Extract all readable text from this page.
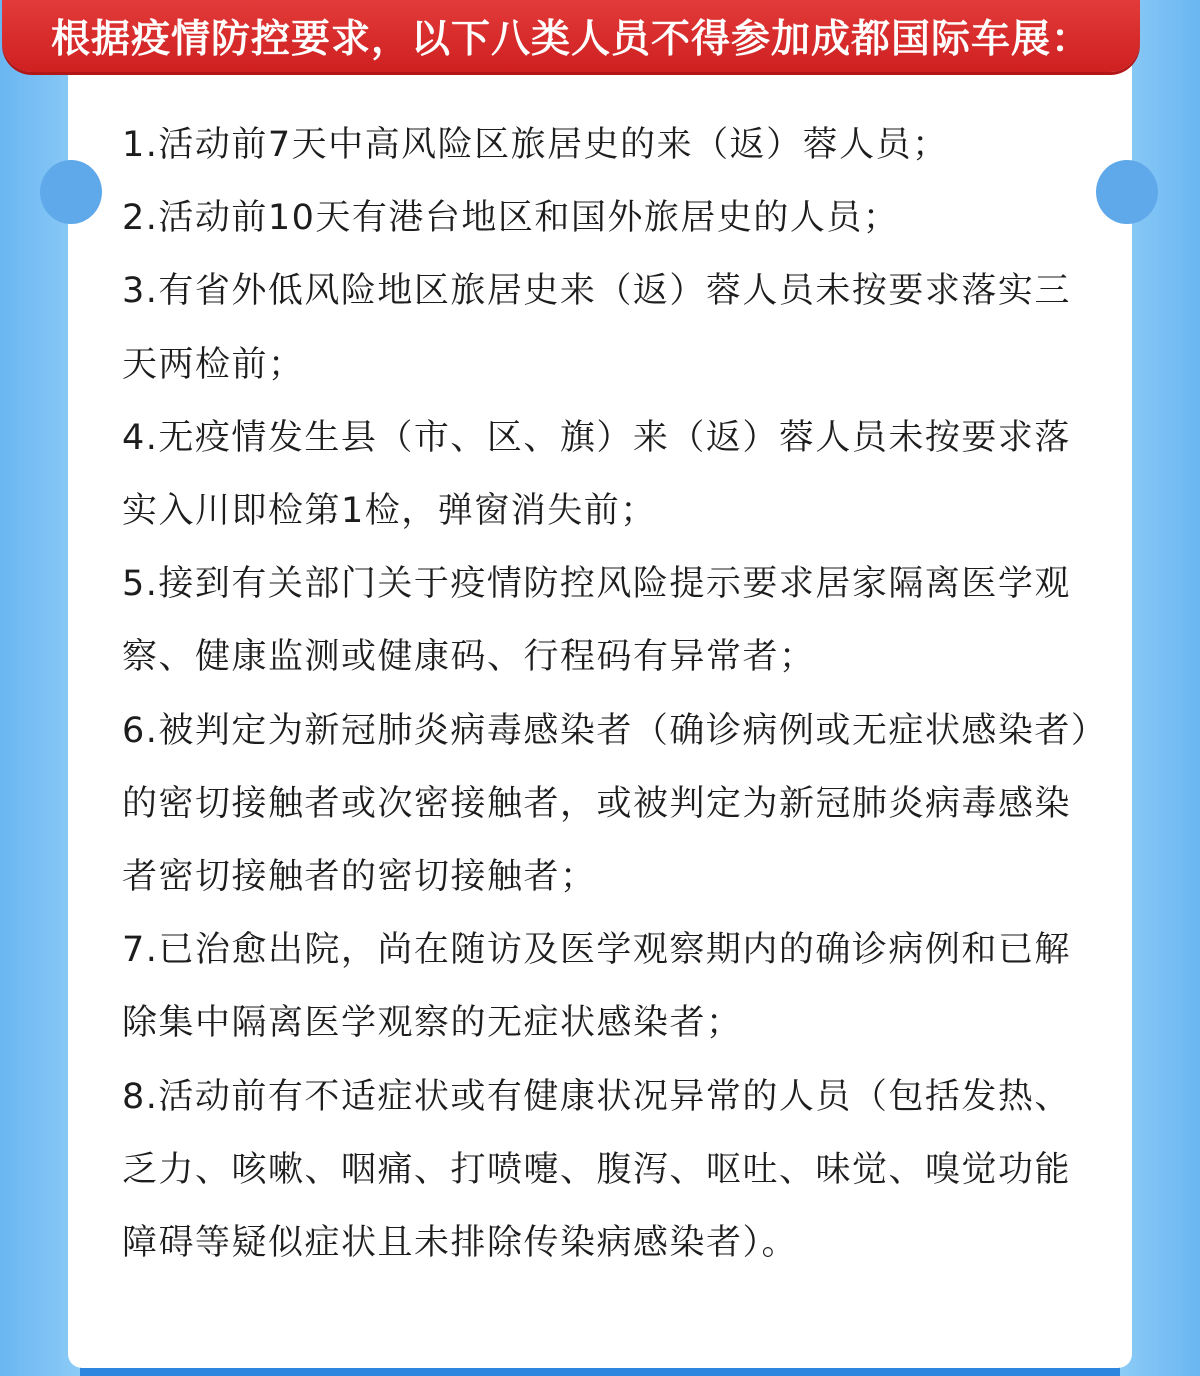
根据疫情防控要求，以下八类人员不得参加成都国际车展：
1.活动前7天中高风险区旅居史的来（返）蓉人员；
2.活动前10天有港台地区和国外旅居史的人员；
3.有省外低风险地区旅居史来（返）蓉人员未按要求落实三天两检前；
4.无疫情发生县（市、区、旗）来（返）蓉人员未按要求落实入川即检第1检，弹窗消失前；
5.接到有关部门关于疫情防控风险提示要求居家隔离医学观察、健康监测或健康码、行程码有异常者；
6.被判定为新冠肺炎病毒感染者（确诊病例或无症状感染者）的密切接触者或次密接触者，或被判定为新冠肺炎病毒感染者密切接触者的密切接触者；
7.已治愈出院，尚在随访及医学观察期内的确诊病例和已解除集中隔离医学观察的无症状感染者；
8.活动前有不适症状或有健康状况异常的人员（包括发热、乏力、咳嗽、咽痛、打喷嚏、腹泻、呕吐、味觉、嗅觉功能障碍等疑似症状且未排除传染病感染者）。
